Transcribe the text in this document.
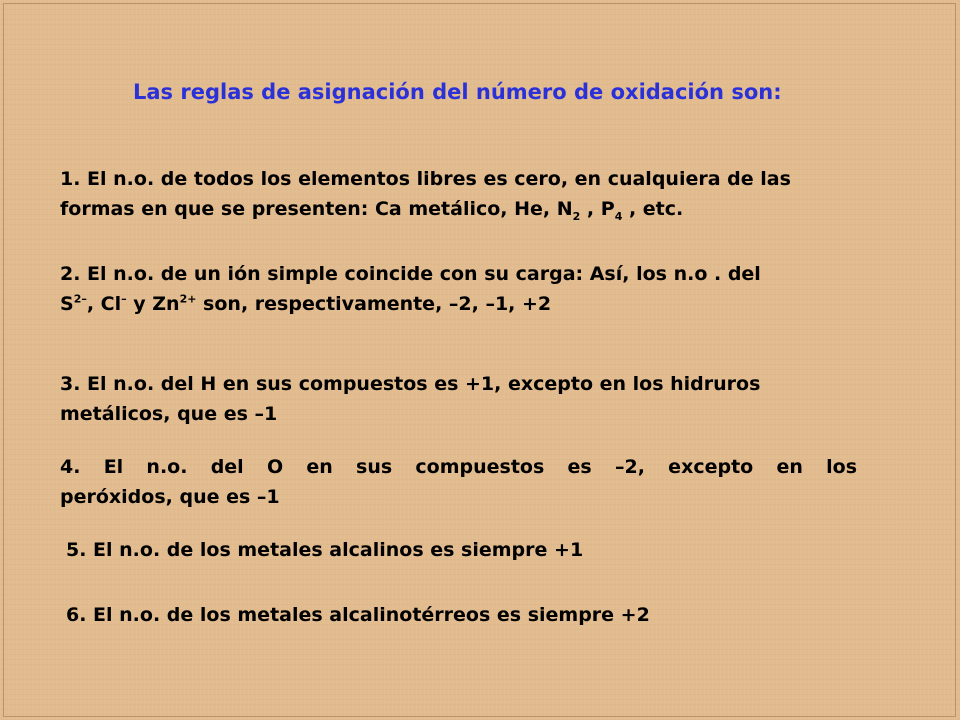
Las reglas de asignación del número de oxidación son:

1. El n.o. de todos los elementos libres es cero, en cualquiera de las
formas en que se presenten: Ca metálico, He, $N_2$ , $P_4$ , etc.

2. El n.o. de un ión simple coincide con su carga: Así, los n.o . del
$S^{2-}$, Cl– y $Zn^{2+}$ son, respectivamente, –2, –1, +2

3. El n.o. del H en sus compuestos es +1, excepto en los hidruros
metálicos, que es –1

4. El n.o. del O en sus compuestos es –2, excepto en los
peróxidos, que es –1

5. El n.o. de los metales alcalinos es siempre +1

6. El n.o. de los metales alcalinotérreos es siempre +2
